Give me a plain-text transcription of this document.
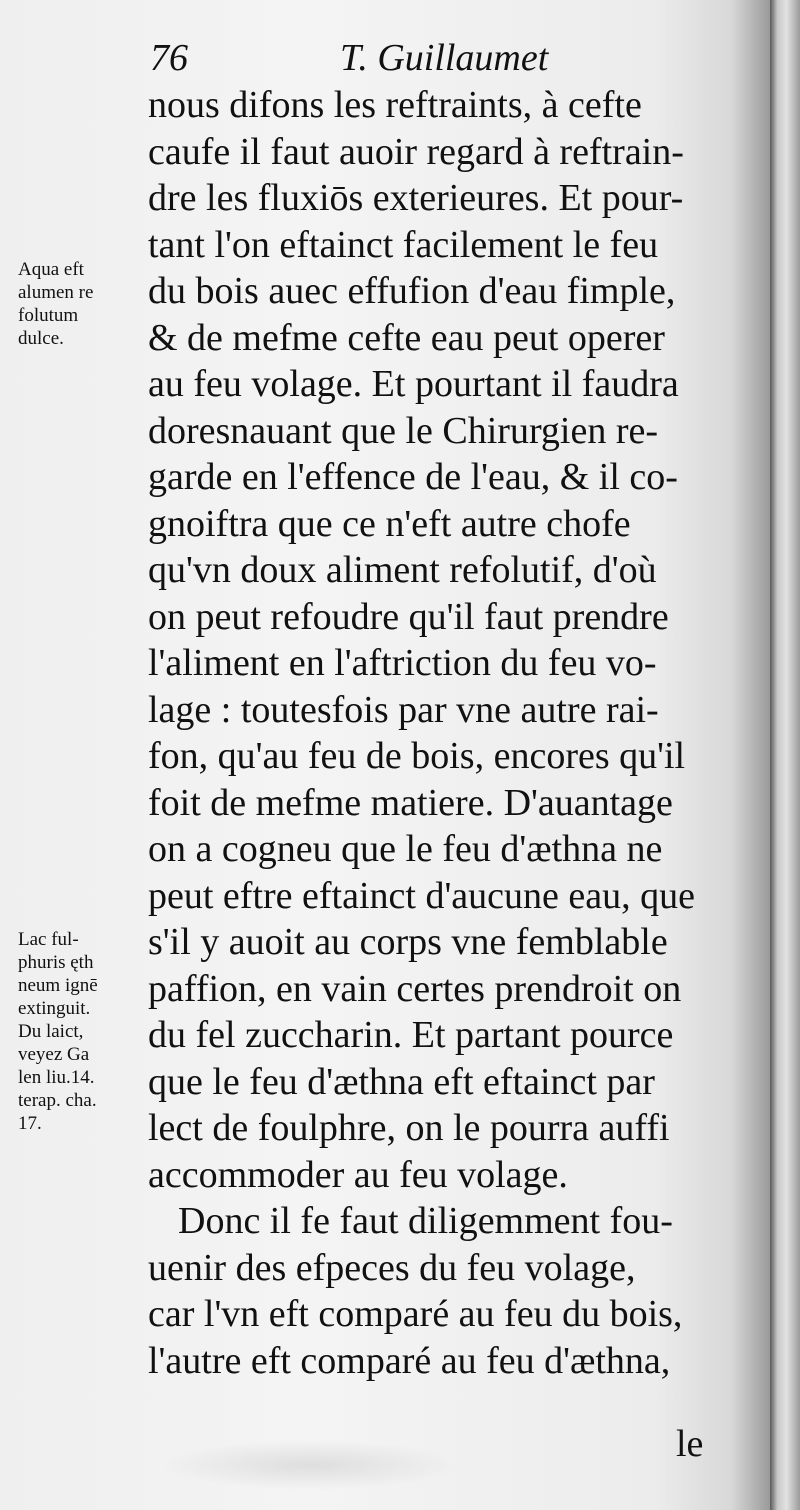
76	T. Guillaumet
nous difons les reftraints, à cefte
caufe il faut auoir regard à reftrain-
dre les fluxiōs exterieures. Et pour-
tant l'on eftainct facilement le feu
du bois auec effufion d'eau fimple,
& de mefme cefte eau peut operer
au feu volage. Et pourtant il faudra
doresnauant que le Chirurgien re-
garde en l'effence de l'eau, & il co-
gnoiftra que ce n'eft autre chofe
qu'vn doux aliment refolutif, d'où
on peut refoudre qu'il faut prendre
l'aliment en l'aftriction du feu vo-
lage : toutesfois par vne autre rai-
fon, qu'au feu de bois, encores qu'il
foit de mefme matiere. D'auantage
on a cogneu que le feu d'æthna ne
peut eftre eftainct d'aucune eau, que
s'il y auoit au corps vne femblable
paffion, en vain certes prendroit on
du fel zuccharin. Et partant pource
que le feu d'æthna eft eftainct par
lect de foulphre, on le pourra auffi
accommoder au feu volage.
Donc il fe faut diligemment fou-
uenir des efpeces du feu volage,
car l'vn eft comparé au feu du bois,
l'autre eft comparé au feu d'æthna,
le
Aqua eft
alumen re
folutum
dulce.
Lac ful-
phuris ęth
neum ignē
extinguit.
Du laict,
veyez Ga
len liu.14.
terap. cha.
17.
